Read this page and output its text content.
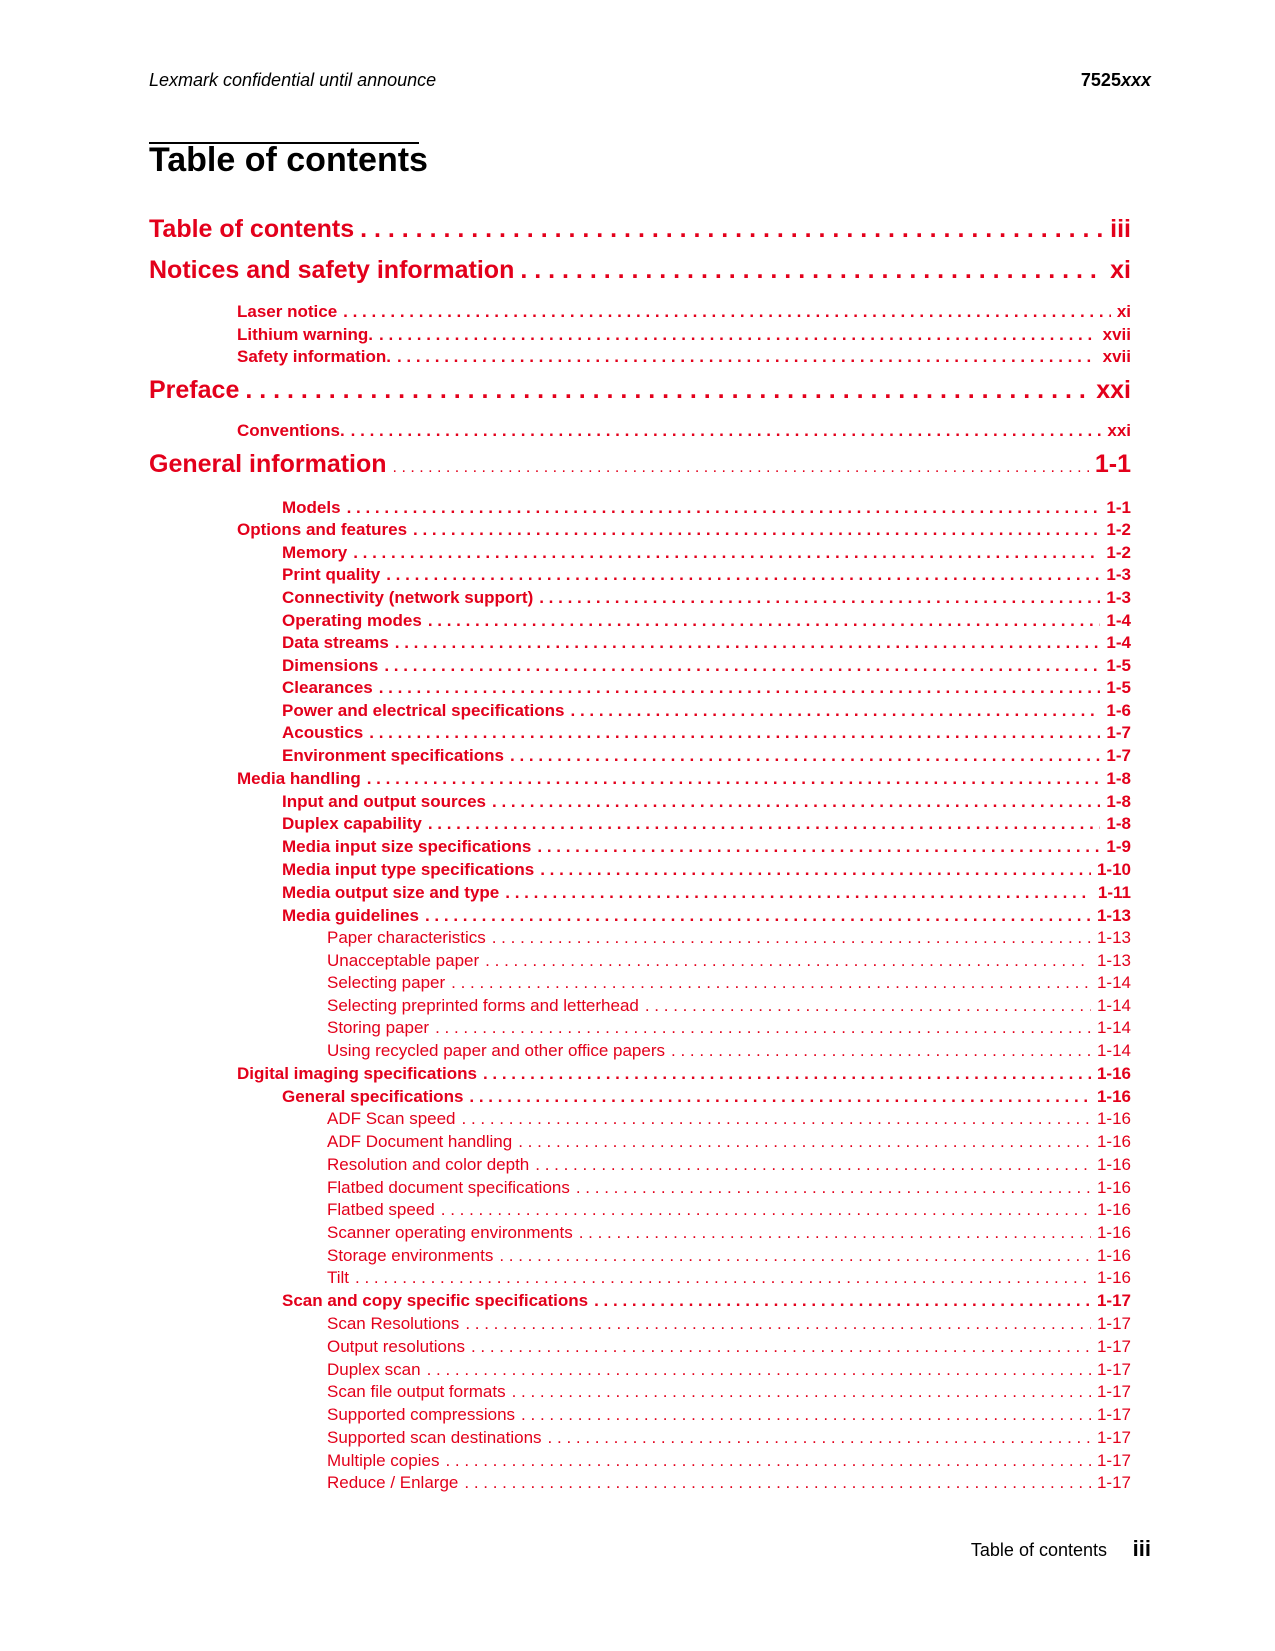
Lexmark confidential until announce	7525xxx
Table of contents
Table of contents . . .	iii
Notices and safety information . . .	xi
Laser notice . . .	xi
Lithium warning. . . .	xvii
Safety information. . . .	xvii
Preface . . .	xxi
Conventions. . . .	xxi
General information . . .	1-1
Models . . .	1-1
Options and features . . .	1-2
Memory . . .	1-2
Print quality . . .	1-3
Connectivity (network support) . . .	1-3
Operating modes . . .	1-4
Data streams . . .	1-4
Dimensions . . .	1-5
Clearances . . .	1-5
Power and electrical specifications . . .	1-6
Acoustics . . .	1-7
Environment specifications . . .	1-7
Media handling . . .	1-8
Input and output sources . . .	1-8
Duplex capability . . .	1-8
Media input size specifications . . .	1-9
Media input type specifications . . .	1-10
Media output size and type . . .	1-11
Media guidelines . . .	1-13
Paper characteristics . . .	1-13
Unacceptable paper . . .	1-13
Selecting paper . . .	1-14
Selecting preprinted forms and letterhead . . .	1-14
Storing paper . . .	1-14
Using recycled paper and other office papers . . .	1-14
Digital imaging specifications . . .	1-16
General specifications . . .	1-16
ADF Scan speed . . .	1-16
ADF Document handling . . .	1-16
Resolution and color depth . . .	1-16
Flatbed document specifications . . .	1-16
Flatbed speed . . .	1-16
Scanner operating environments . . .	1-16
Storage environments . . .	1-16
Tilt . . .	1-16
Scan and copy specific specifications . . .	1-17
Scan Resolutions . . .	1-17
Output resolutions . . .	1-17
Duplex scan . . .	1-17
Scan file output formats . . .	1-17
Supported compressions . . .	1-17
Supported scan destinations . . .	1-17
Multiple copies . . .	1-17
Reduce / Enlarge . . .	1-17
Table of contents iii
